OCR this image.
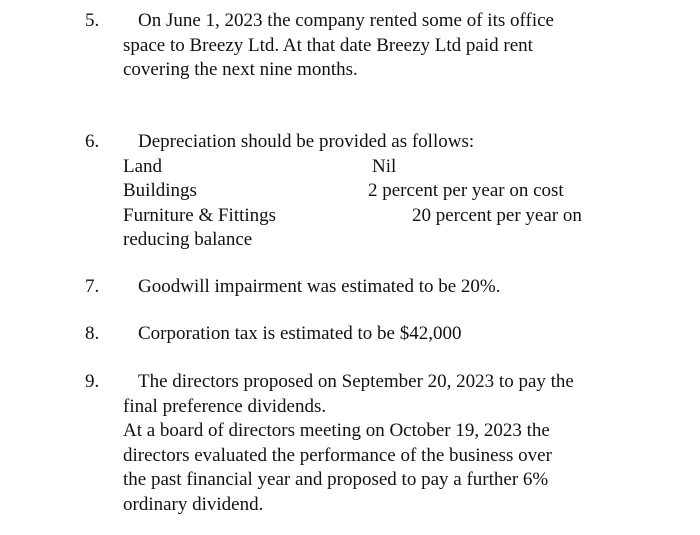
5. On June 1, 2023 the company rented some of its office
space to Breezy Ltd. At that date Breezy Ltd paid rent
covering the next nine months.
6. Depreciation should be provided as follows:
Land	Nil
Buildings	2 percent per year on cost
Furniture & Fittings	20 percent per year on
reducing balance
7. Goodwill impairment was estimated to be 20%.
8. Corporation tax is estimated to be $42,000
9. The directors proposed on September 20, 2023 to pay the
final preference dividends.
At a board of directors meeting on October 19, 2023 the
directors evaluated the performance of the business over
the past financial year and proposed to pay a further 6%
ordinary dividend.
